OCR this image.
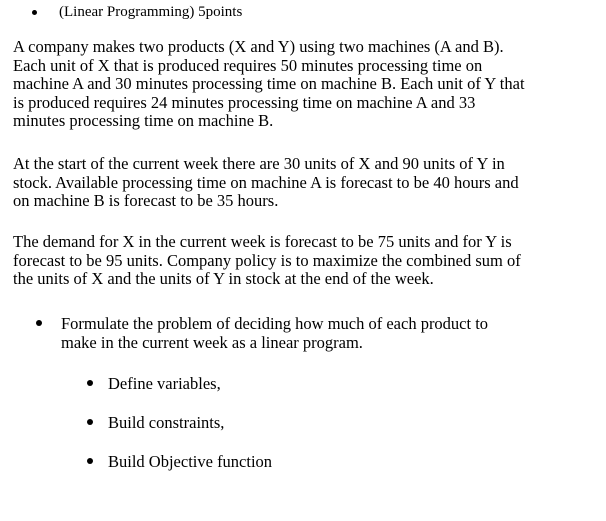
(Linear Programming) 5points

A company makes two products (X and Y) using two machines (A and B).
Each unit of X that is produced requires 50 minutes processing time on
machine A and 30 minutes processing time on machine B. Each unit of Y that
is produced requires 24 minutes processing time on machine A and 33
minutes processing time on machine B.

At the start of the current week there are 30 units of X and 90 units of Y in
stock. Available processing time on machine A is forecast to be 40 hours and
on machine B is forecast to be 35 hours.

The demand for X in the current week is forecast to be 75 units and for Y is
forecast to be 95 units. Company policy is to maximize the combined sum of
the units of X and the units of Y in stock at the end of the week.

Formulate the problem of deciding how much of each product to
make in the current week as a linear program.
Define variables,
Build constraints,
Build Objective function
